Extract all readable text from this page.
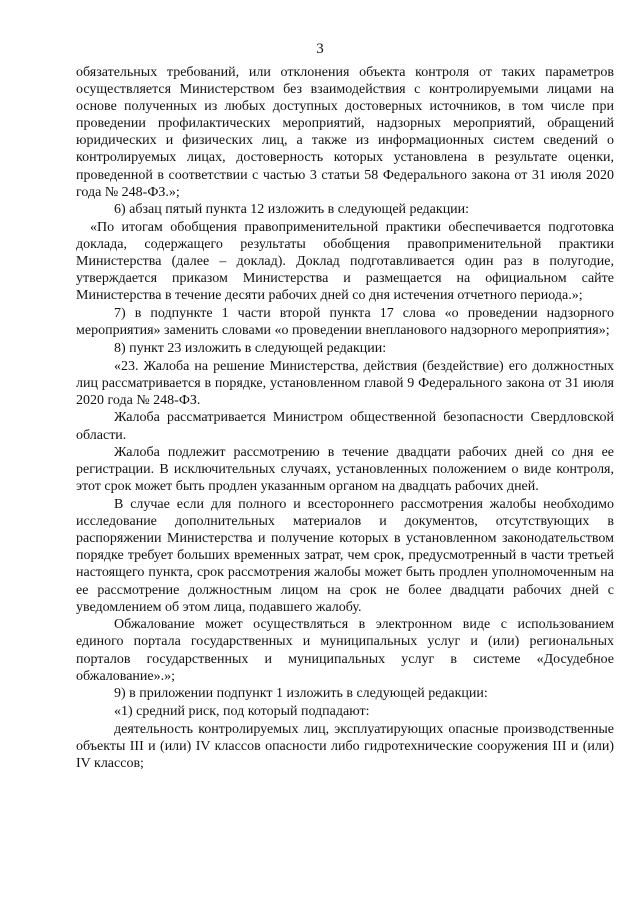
3

обязательных требований, или отклонения объекта контроля от таких параметров осуществляется Министерством без взаимодействия с контролируемыми лицами на основе полученных из любых доступных достоверных источников, в том числе при проведении профилактических мероприятий, надзорных мероприятий, обращений юридических и физических лиц, а также из информационных систем сведений о контролируемых лицах, достоверность которых установлена в результате оценки, проведенной в соответствии с частью 3 статьи 58 Федерального закона от 31 июля 2020 года № 248-ФЗ.»;

6) абзац пятый пункта 12 изложить в следующей редакции:

«По итогам обобщения правоприменительной практики обеспечивается подготовка доклада, содержащего результаты обобщения правоприменительной практики Министерства (далее – доклад). Доклад подготавливается один раз в полугодие, утверждается приказом Министерства и размещается на официальном сайте Министерства в течение десяти рабочих дней со дня истечения отчетного периода.»;

7) в подпункте 1 части второй пункта 17 слова «о проведении надзорного мероприятия» заменить словами «о проведении внепланового надзорного мероприятия»;

8) пункт 23 изложить в следующей редакции:

«23. Жалоба на решение Министерства, действия (бездействие) его должностных лиц рассматривается в порядке, установленном главой 9 Федерального закона от 31 июля 2020 года № 248-ФЗ.

Жалоба рассматривается Министром общественной безопасности Свердловской области.

Жалоба подлежит рассмотрению в течение двадцати рабочих дней со дня ее регистрации. В исключительных случаях, установленных положением о виде контроля, этот срок может быть продлен указанным органом на двадцать рабочих дней.

В случае если для полного и всестороннего рассмотрения жалобы необходимо исследование дополнительных материалов и документов, отсутствующих в распоряжении Министерства и получение которых в установленном законодательством порядке требует больших временных затрат, чем срок, предусмотренный в части третьей настоящего пункта, срок рассмотрения жалобы может быть продлен уполномоченным на ее рассмотрение должностным лицом на срок не более двадцати рабочих дней с уведомлением об этом лица, подавшего жалобу.

Обжалование может осуществляться в электронном виде с использованием единого портала государственных и муниципальных услуг и (или) региональных порталов государственных и муниципальных услуг в системе «Досудебное обжалование».»;

9) в приложении подпункт 1 изложить в следующей редакции:

«1) средний риск, под который подпадают:

деятельность контролируемых лиц, эксплуатирующих опасные производственные объекты III и (или) IV классов опасности либо гидротехнические сооружения III и (или) IV классов;
